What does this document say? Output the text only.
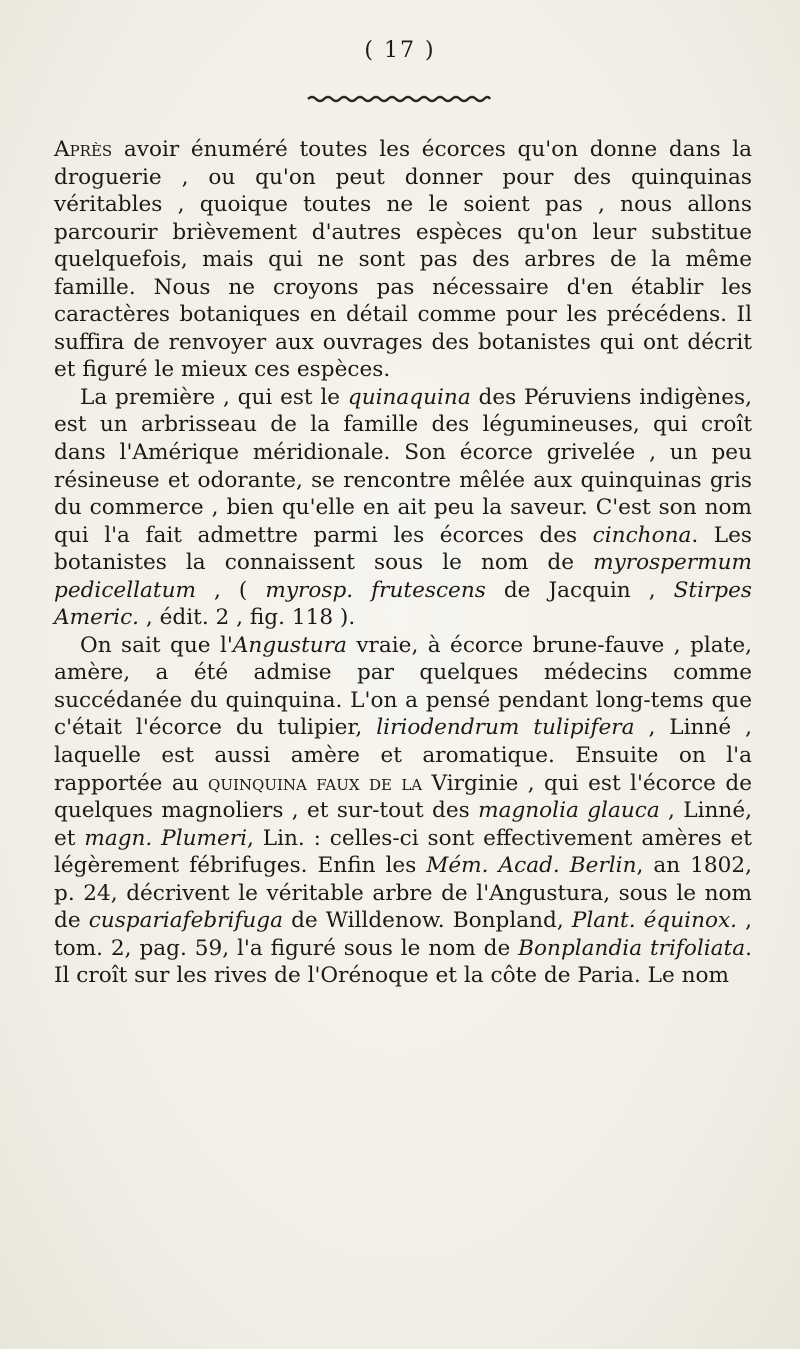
( 17 )

Après avoir énuméré toutes les écorces qu'on donne dans la droguerie , ou qu'on peut donner pour des quinquinas véritables , quoique toutes ne le soient pas , nous allons parcourir brièvement d'autres espèces qu'on leur substitue quelquefois, mais qui ne sont pas des arbres de la même famille. Nous ne croyons pas nécessaire d'en établir les caractères botaniques en détail comme pour les précédens. Il suffira de renvoyer aux ouvrages des botanistes qui ont décrit et figuré le mieux ces espèces.

La première , qui est le quinaquina des Péruviens indigènes, est un arbrisseau de la famille des légumineuses, qui croît dans l'Amérique méridionale. Son écorce grivelée , un peu résineuse et odorante, se rencontre mêlée aux quinquinas gris du commerce , bien qu'elle en ait peu la saveur. C'est son nom qui l'a fait admettre parmi les écorces des cinchona. Les botanistes la connaissent sous le nom de myrospermum pedicellatum , ( myrosp. frutescens de Jacquin , Stirpes Americ. , édit. 2 , fig. 118 ).

On sait que l'Angustura vraie, à écorce brune-fauve , plate, amère, a été admise par quelques médecins comme succédanée du quinquina. L'on a pensé pendant long-tems que c'était l'écorce du tulipier, liriodendrum tulipifera , Linné , laquelle est aussi amère et aromatique. Ensuite on l'a rapportée au quinquina faux de la Virginie , qui est l'écorce de quelques magnoliers , et sur-tout des magnolia glauca , Linné, et magn. Plumeri, Lin. : celles-ci sont effectivement amères et légèrement fébrifuges. Enfin les Mém. Acad. Berlin, an 1802, p. 24, décrivent le véritable arbre de l'Angustura, sous le nom de cuspariafebrifuga de Willdenow. Bonpland, Plant. équinox. , tom. 2, pag. 59, l'a figuré sous le nom de Bonplandia trifoliata. Il croît sur les rives de l'Orénoque et la côte de Paria. Le nom
